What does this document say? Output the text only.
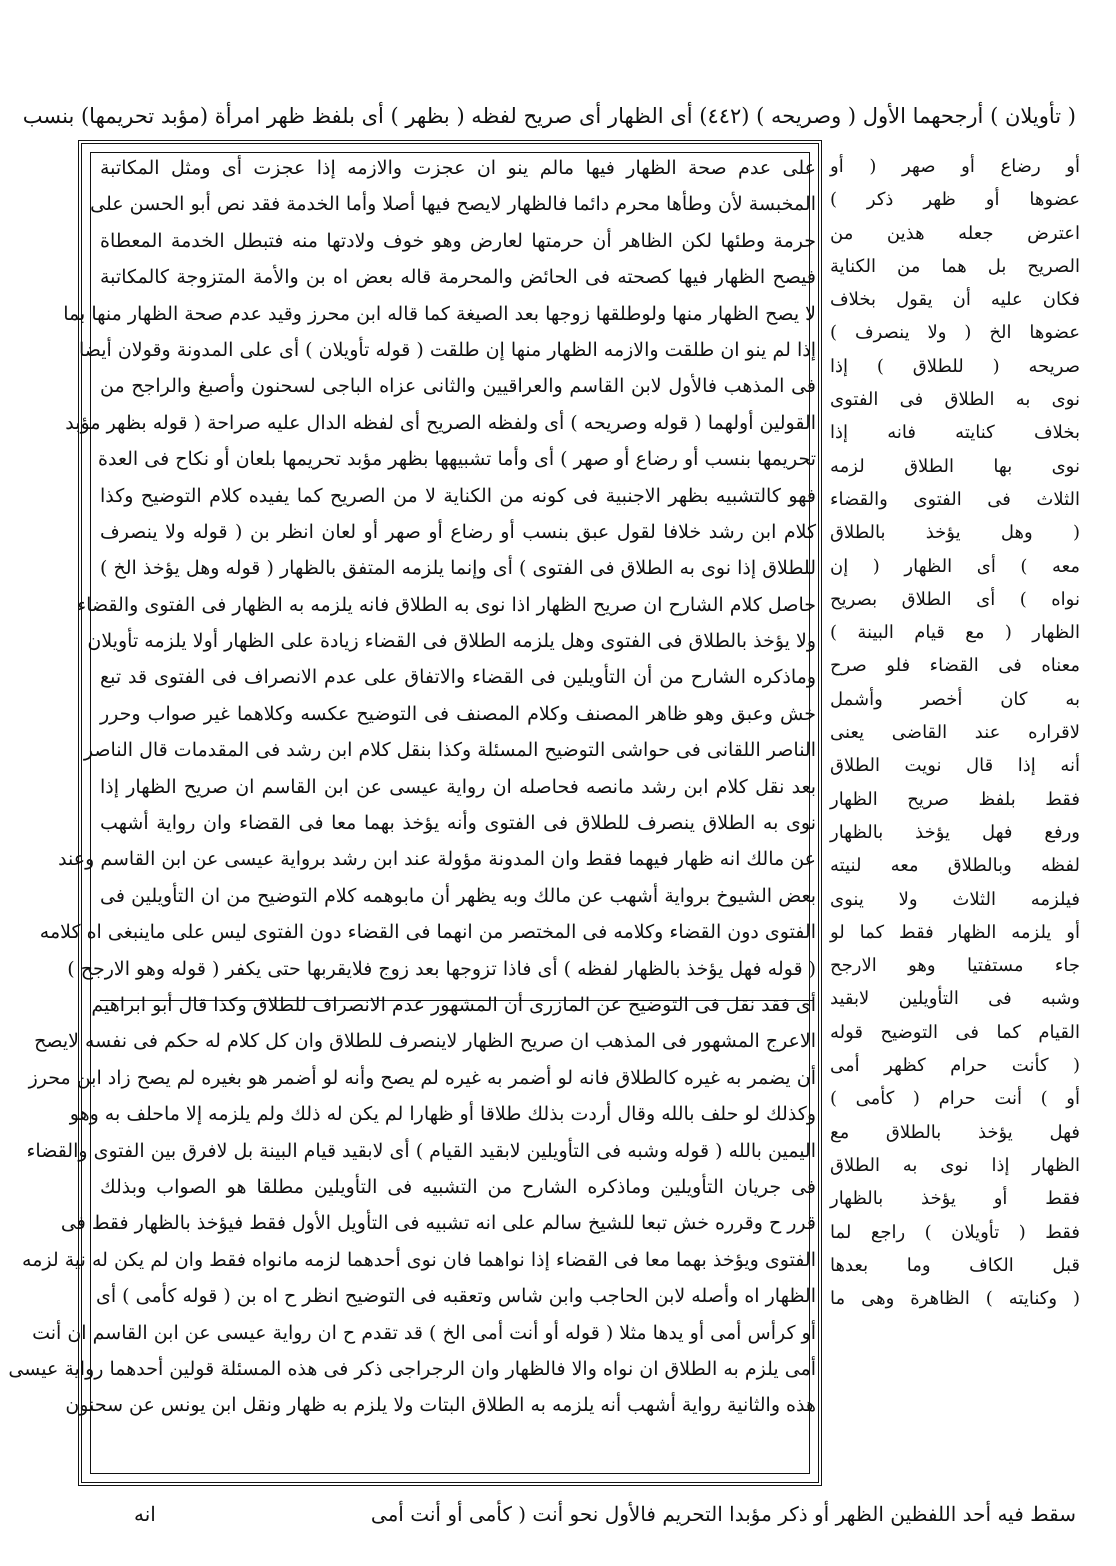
( تأويلان ) أرجحهما الأول ( وصريحه ) (٤٤٢) أى الظهار أى صريح لفظه ( بظهر ) أى بلفظ ظهر امرأة (مؤبد تحريمها) بنسب
على عدم صحة الظهار فيها مالم ينو ان عجزت والازمه إذا عجزت أى ومثل المكاتبة
المخبسة لأن وطأها محرم دائما فالظهار لايصح فيها أصلا وأما الخدمة فقد نص أبو الحسن على
حرمة وطئها لكن الظاهر أن حرمتها لعارض وهو خوف ولادتها منه فتبطل الخدمة المعطاة
فيصح الظهار فيها كصحته فى الحائض والمحرمة قاله بعض اه بن والأمة المتزوجة كالمكاتبة
لا يصح الظهار منها ولوطلقها زوجها بعد الصيغة كما قاله ابن محرز وقيد عدم صحة الظهار منها بما
إذا لم ينو ان طلقت والازمه الظهار منها إن طلقت ( قوله تأويلان ) أى على المدونة وقولان أيضا
فى المذهب فالأول لابن القاسم والعراقيين والثانى عزاه الباجى لسحنون وأصبغ والراجح من
القولين أولهما ( قوله وصريحه ) أى ولفظه الصريح أى لفظه الدال عليه صراحة ( قوله بظهر مؤبد
تحريمها بنسب أو رضاع أو صهر ) أى وأما تشبيهها بظهر مؤبد تحريمها بلعان أو نكاح فى العدة
فهو كالتشبيه بظهر الاجنبية فى كونه من الكناية لا من الصريح كما يفيده كلام التوضيح وكذا
كلام ابن رشد خلافا لقول عبق بنسب أو رضاع أو صهر أو لعان انظر بن ( قوله ولا ينصرف
للطلاق إذا نوى به الطلاق فى الفتوى ) أى وإنما يلزمه المتفق بالظهار ( قوله وهل يؤخذ الخ )
حاصل كلام الشارح ان صريح الظهار اذا نوى به الطلاق فانه يلزمه به الظهار فى الفتوى والقضاء
ولا يؤخذ بالطلاق فى الفتوى وهل يلزمه الطلاق فى القضاء زيادة على الظهار أولا يلزمه تأويلان
وماذكره الشارح من أن التأويلين فى القضاء والاتفاق على عدم الانصراف فى الفتوى قد تبع
خش وعبق وهو ظاهر المصنف وكلام المصنف فى التوضيح عكسه وكلاهما غير صواب وحرر
الناصر اللقانى فى حواشى التوضيح المسئلة وكذا بنقل كلام ابن رشد فى المقدمات قال الناصر
بعد نقل كلام ابن رشد مانصه فحاصله ان رواية عيسى عن ابن القاسم ان صريح الظهار إذا
نوى به الطلاق ينصرف للطلاق فى الفتوى وأنه يؤخذ بهما معا فى القضاء وان رواية أشهب
عن مالك انه ظهار فيهما فقط وان المدونة مؤولة عند ابن رشد برواية عيسى عن ابن القاسم وعند
بعض الشيوخ برواية أشهب عن مالك وبه يظهر أن مابوهمه كلام التوضيح من ان التأويلين فى
الفتوى دون القضاء وكلامه فى المختصر من انهما فى القضاء دون الفتوى ليس على ماينبغى اه كلامه
( قوله فهل يؤخذ بالظهار لفظه ) أى فاذا تزوجها بعد زوج فلايقربها حتى يكفر ( قوله وهو الارجح )
أى فقد نقل فى التوضيح عن المازرى أن المشهور عدم الانصراف للطلاق وكذا قال أبو ابراهيم
الاعرج المشهور فى المذهب ان صريح الظهار لاينصرف للطلاق وان كل كلام له حكم فى نفسه لايصح
أن يضمر به غيره كالطلاق فانه لو أضمر به غيره لم يصح وأنه لو أضمر هو بغيره لم يصح زاد ابن محرز
وكذلك لو حلف بالله وقال أردت بذلك طلاقا أو ظهارا لم يكن له ذلك ولم يلزمه إلا ماحلف به وهو
اليمين بالله ( قوله وشبه فى التأويلين لابقيد القيام ) أى لابقيد قيام البينة بل لافرق بين الفتوى والقضاء
فى جريان التأويلين وماذكره الشارح من التشبيه فى التأويلين مطلقا هو الصواب وبذلك
قرر ح وقرره خش تبعا للشيخ سالم على انه تشبيه فى التأويل الأول فقط فيؤخذ بالظهار فقط فى
الفتوى ويؤخذ بهما معا فى القضاء إذا نواهما فان نوى أحدهما لزمه مانواه فقط وان لم يكن له نية لزمه
الظهار اه وأصله لابن الحاجب وابن شاس وتعقبه فى التوضيح انظر ح اه بن ( قوله كأمى ) أى
أو كرأس أمى أو يدها مثلا ( قوله أو أنت أمى الخ ) قد تقدم ح ان رواية عيسى عن ابن القاسم ان أنت
أمى يلزم به الطلاق ان نواه والا فالظهار وان الرجراجى ذكر فى هذه المسئلة قولين أحدهما رواية عيسى
هذه والثانية رواية أشهب أنه يلزمه به الطلاق البتات ولا يلزم به ظهار ونقل ابن يونس عن سحنون
أو رضاع أو صهر ( أو
عضوها أو ظهر ذكر )
اعترض جعله هذين من
الصريح بل هما من الكناية
فكان عليه أن يقول بخلاف
عضوها الخ ( ولا ينصرف )
صريحه ( للطلاق ) إذا
نوى به الطلاق فى الفتوى
بخلاف كنايته فانه إذا
نوى بها الطلاق لزمه
الثلاث فى الفتوى والقضاء
( وهل يؤخذ بالطلاق
معه ) أى الظهار ( إن
نواه ) أى الطلاق بصريح
الظهار ( مع قيام البينة )
معناه فى القضاء فلو صرح
به كان أخصر وأشمل
لاقراره عند القاضى يعنى
أنه إذا قال نويت الطلاق
فقط بلفظ صريح الظهار
ورفع فهل يؤخذ بالظهار
لفظه وبالطلاق معه لنيته
فيلزمه الثلاث ولا ينوى
أو يلزمه الظهار فقط كما لو
جاء مستفتيا وهو الارجح
وشبه فى التأويلين لابقيد
القيام كما فى التوضيح قوله
( كأنت حرام كظهر أمى
أو ) أنت حرام ( كأمى )
فهل يؤخذ بالطلاق مع
الظهار إذا نوى به الطلاق
فقط أو يؤخذ بالظهار
فقط ( تأويلان ) راجع لما
قبل الكاف وما بعدها
( وكنايته ) الظاهرة وهى ما
سقط فيه أحد اللفظين الظهر أو ذكر مؤبدا التحريم فالأول نحو أنت ( كأمى أو أنت أمى
انه
